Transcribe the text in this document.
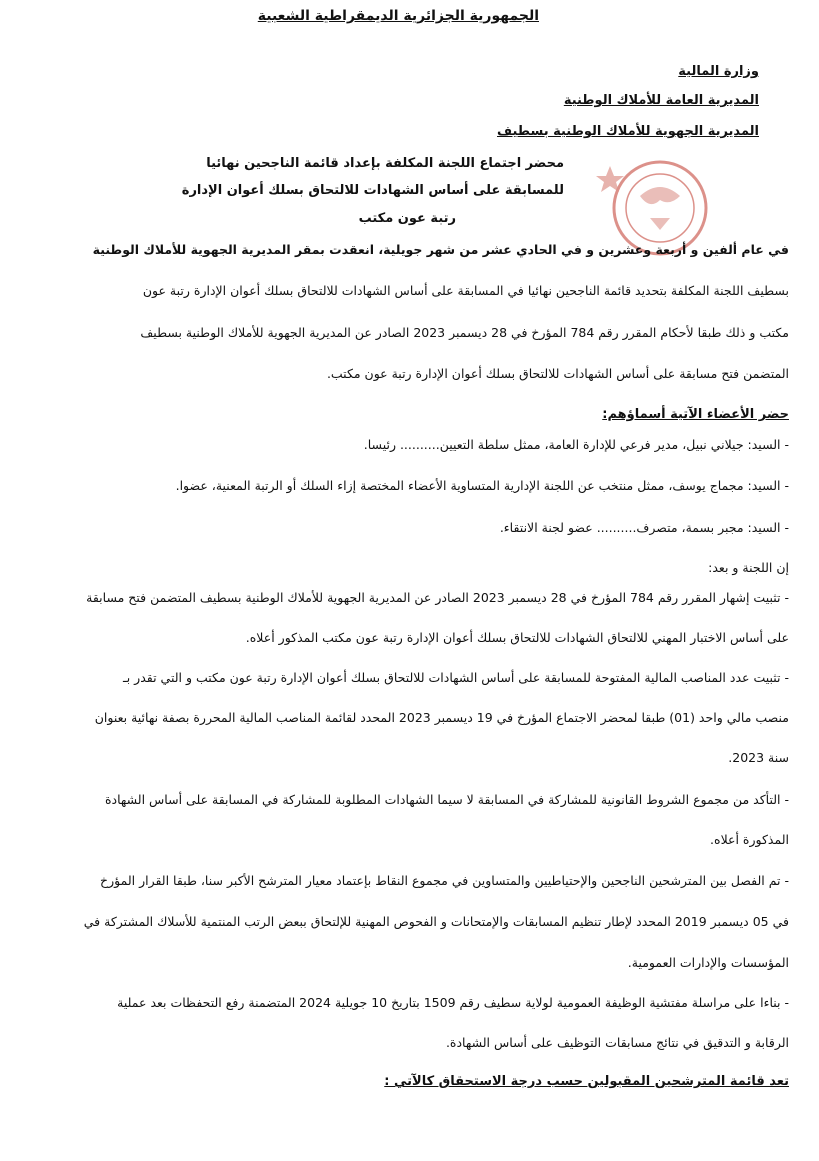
الجمهورية الجزائرية الديمقراطية الشعبية
وزارة المالية
المديرية العامة للأملاك الوطنية
المديرية الجهوية للأملاك الوطنية بسطيف
محضر اجتماع اللجنة المكلفة بإعداد قائمة الناجحين نهائيا
للمسابقة على أساس الشهادات للالتحاق بسلك أعوان الإدارة
رتبة عون مكتب
في عام ألفين و أربعة وعشرين و في الحادي عشر من شهر جويلية، انعقدت بمقر المديرية الجهوية للأملاك الوطنية
بسطيف اللجنة المكلفة بتحديد قائمة الناجحين نهائيا في المسابقة على أساس الشهادات للالتحاق بسلك أعوان الإدارة رتبة عون
مكتب و ذلك طبقا لأحكام المقرر رقم 784 المؤرخ في 28 ديسمبر 2023 الصادر عن المديرية الجهوية للأملاك الوطنية بسطيف
المتضمن فتح مسابقة على أساس الشهادات للالتحاق بسلك أعوان الإدارة رتبة عون مكتب.
حضر الأعضاء الآتية أسماؤهم:
- السيد: جيلاني نبيل، مدير فرعي للإدارة العامة، ممثل سلطة التعيين.......... رئيسا.
- السيد: مجماج يوسف، ممثل منتخب عن اللجنة الإدارية المتساوية الأعضاء المختصة إزاء السلك أو الرتبة المعنية، عضوا.
- السيد: مجبر بسمة، متصرف.......... عضو لجنة الانتقاء.
إن اللجنة و بعد:
- تثبيت إشهار المقرر رقم 784 المؤرخ في 28 ديسمبر 2023 الصادر عن المديرية الجهوية للأملاك الوطنية بسطيف المتضمن فتح مسابقة
على أساس الاختبار المهني للالتحاق الشهادات للالتحاق بسلك أعوان الإدارة رتبة عون مكتب المذكور أعلاه.
- تثبيت عدد المناصب المالية المفتوحة للمسابقة على أساس الشهادات للالتحاق بسلك أعوان الإدارة رتبة عون مكتب و التي تقدر بـ
منصب مالي واحد (01) طبقا لمحضر الاجتماع المؤرخ في 19 ديسمبر 2023 المحدد لقائمة المناصب المالية المحررة بصفة نهائية بعنوان
سنة 2023.
- التأكد من مجموع الشروط القانونية للمشاركة في المسابقة لا سيما الشهادات المطلوبة للمشاركة في المسابقة على أساس الشهادة
المذكورة أعلاه.
- تم الفصل بين المترشحين الناجحين والإحتياطيين والمتساوين في مجموع النقاط بإعتماد معيار المترشح الأكبر سنا، طبقا القرار المؤرخ
في 05 ديسمبر 2019 المحدد لإطار تنظيم المسابقات والإمتحانات و الفحوص المهنية للإلتحاق ببعض الرتب المنتمية للأسلاك المشتركة في
المؤسسات والإدارات العمومية.
- بناءا على مراسلة مفتشية الوظيفة العمومية لولاية سطيف رقم 1509 بتاريخ 10 جويلية 2024 المتضمنة رفع التحفظات بعد عملية
الرقابة و التدقيق في نتائج مسابقات التوظيف على أساس الشهادة.
تعد قائمة المترشحين المقبولين حسب درجة الاستحقاق كالآتي :
